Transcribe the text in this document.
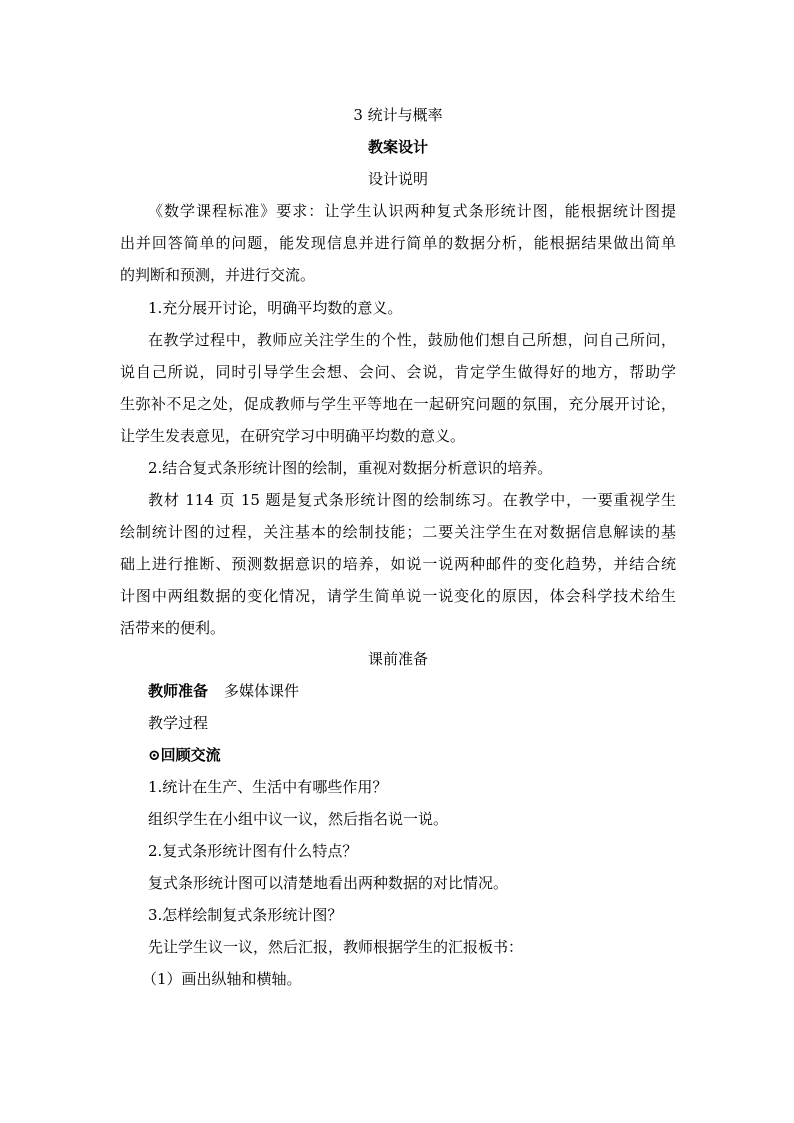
3 统计与概率
教案设计
设计说明
《数学课程标准》要求：让学生认识两种复式条形统计图，能根据统计图提
出并回答简单的问题，能发现信息并进行简单的数据分析，能根据结果做出简单
的判断和预测，并进行交流。
1.充分展开讨论，明确平均数的意义。
在教学过程中，教师应关注学生的个性，鼓励他们想自己所想，问自己所问，
说自己所说，同时引导学生会想、会问、会说，肯定学生做得好的地方，帮助学
生弥补不足之处，促成教师与学生平等地在一起研究问题的氛围，充分展开讨论，
让学生发表意见，在研究学习中明确平均数的意义。
2.结合复式条形统计图的绘制，重视对数据分析意识的培养。
教材 114 页 15 题是复式条形统计图的绘制练习。在教学中，一要重视学生
绘制统计图的过程，关注基本的绘制技能；二要关注学生在对数据信息解读的基
础上进行推断、预测数据意识的培养，如说一说两种邮件的变化趋势，并结合统
计图中两组数据的变化情况，请学生简单说一说变化的原因，体会科学技术给生
活带来的便利。
课前准备
教师准备 多媒体课件
教学过程
⊙回顾交流
1.统计在生产、生活中有哪些作用？
组织学生在小组中议一议，然后指名说一说。
2.复式条形统计图有什么特点？
复式条形统计图可以清楚地看出两种数据的对比情况。
3.怎样绘制复式条形统计图？
先让学生议一议，然后汇报，教师根据学生的汇报板书：
（1）画出纵轴和横轴。
